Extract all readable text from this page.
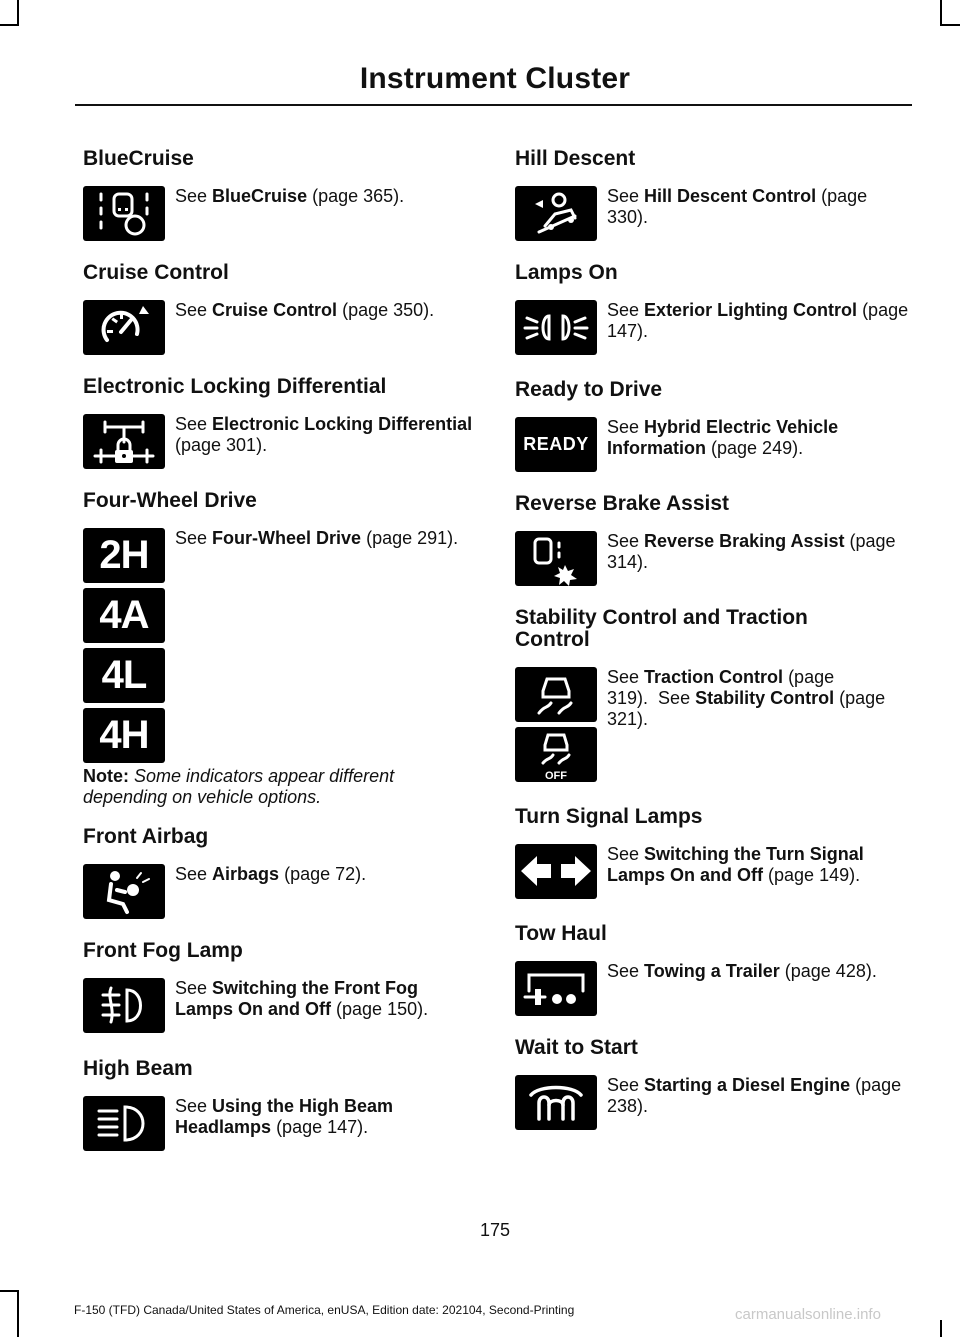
Instrument Cluster
BlueCruise
See BlueCruise (page 365).
Cruise Control
See Cruise Control (page 350).
Electronic Locking Differential
See Electronic Locking Differential (page 301).
Four-Wheel Drive
2H See Four-Wheel Drive (page 291).
4A
4L
4H
Note: Some indicators appear different depending on vehicle options.
Front Airbag
See Airbags (page 72).
Front Fog Lamp
See Switching the Front Fog Lamps On and Off (page 150).
High Beam
See Using the High Beam Headlamps (page 147).
Hill Descent
See Hill Descent Control (page 330).
Lamps On
See Exterior Lighting Control (page 147).
Ready to Drive
READY
See Hybrid Electric Vehicle Information (page 249).
Reverse Brake Assist
See Reverse Braking Assist (page 314).
Stability Control and Traction Control
See Traction Control (page 319). See Stability Control (page 321).
OFF
Turn Signal Lamps
See Switching the Turn Signal Lamps On and Off (page 149).
Tow Haul
See Towing a Trailer (page 428).
Wait to Start
See Starting a Diesel Engine (page 238).
175
F-150 (TFD) Canada/United States of America, enUSA, Edition date: 202104, Second-Printing	carmanualsonline.info
